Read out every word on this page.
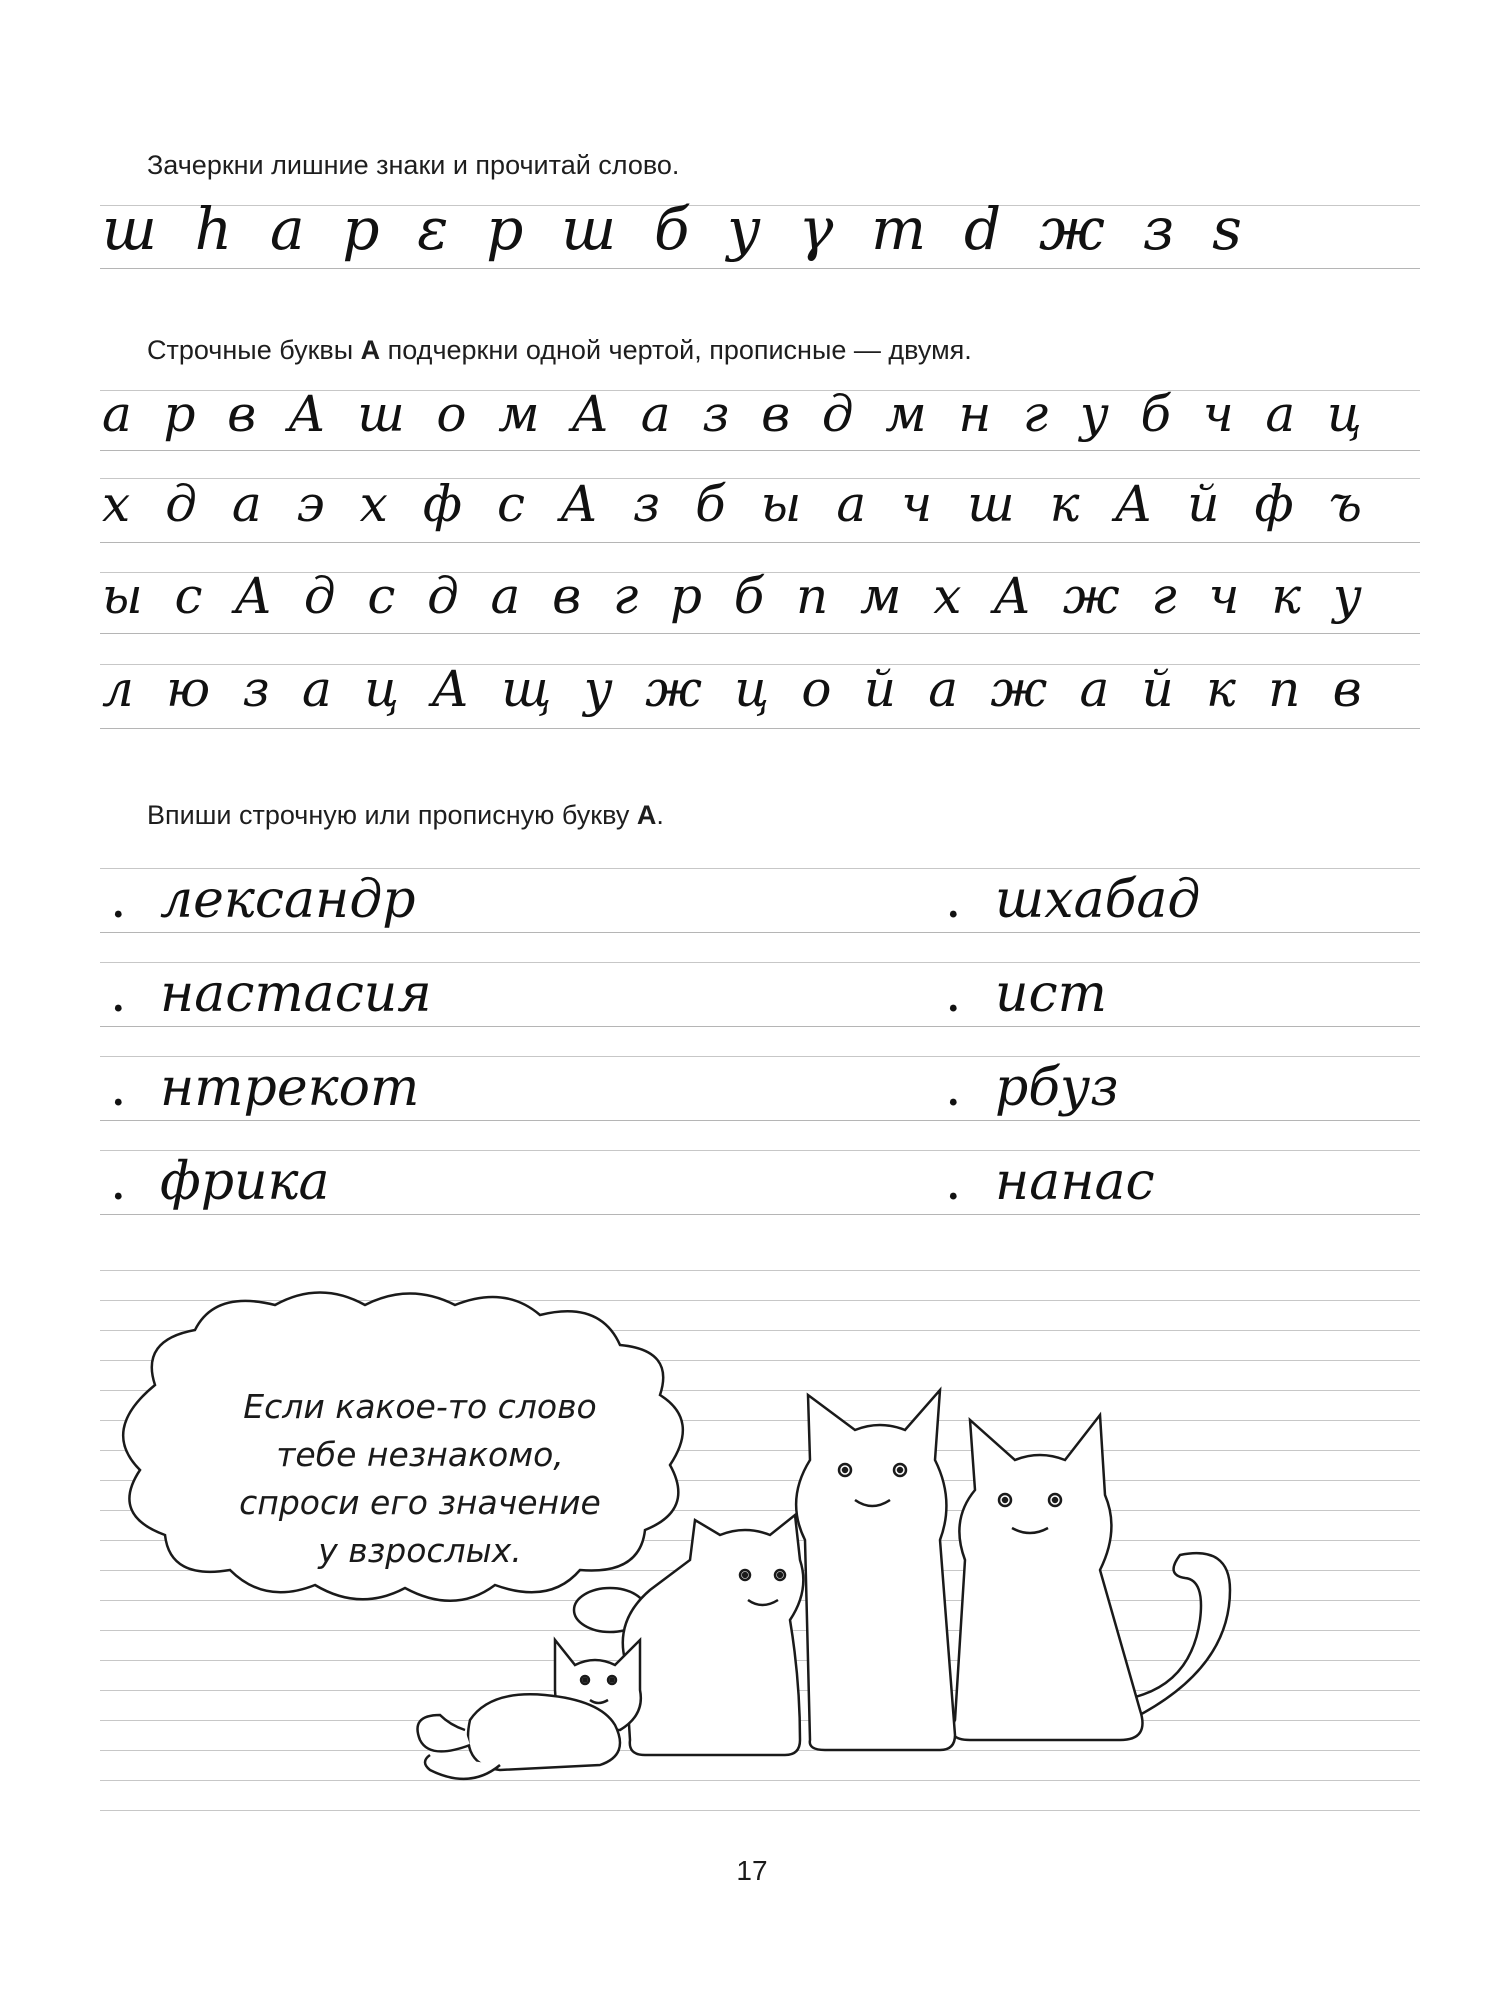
Зачеркни лишние знаки и прочитай слово.
ш h a p ε р ш б у γ m d ж з s
Строчные буквы А подчеркни одной чертой, прописные — двумя.
а р в А ш о м А а з в д м н г у б ч а ц
х д а э х ф с А з б ы а ч ш к А й ф ъ
ы с А д с д а в г р б п м х А ж г ч к у
л ю з а ц А щ у ж ц о й а ж а й к п в
Впиши строчную или прописную букву А.
. лександр
. настасия
. нтрекот
. фрика
. шхабад
. ист
. рбуз
. нанас
Если какое-то слово
тебе незнакомо,
спроси его значение
у взрослых.
17
